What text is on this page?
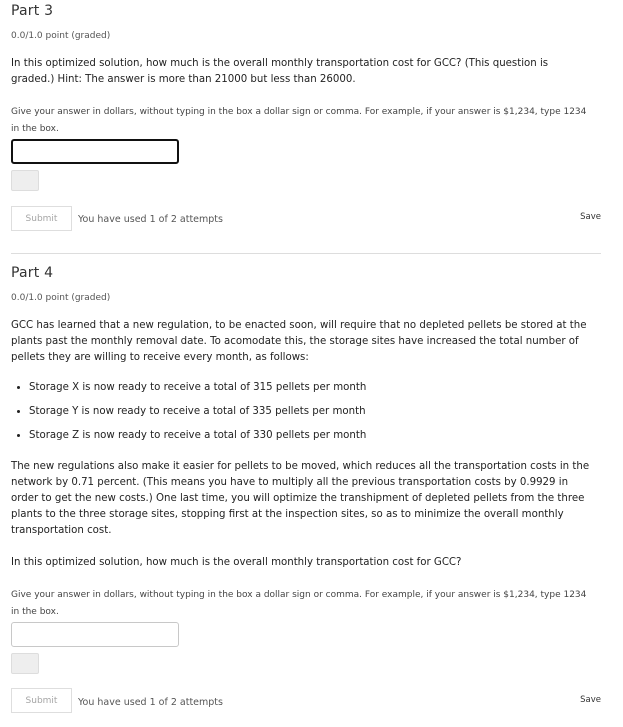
Part 3
0.0/1.0 point (graded)

In this optimized solution, how much is the overall monthly transportation cost for GCC? (This question is graded.) Hint: The answer is more than 21000 but less than 26000.

Give your answer in dollars, without typing in the box a dollar sign or comma. For example, if your answer is $1,234, type 1234 in the box.

Submit	You have used 1 of 2 attempts	Save
Part 4
0.0/1.0 point (graded)

GCC has learned that a new regulation, to be enacted soon, will require that no depleted pellets be stored at the plants past the monthly removal date. To acomodate this, the storage sites have increased the total number of pellets they are willing to receive every month, as follows:

• Storage X is now ready to receive a total of 315 pellets per month
• Storage Y is now ready to receive a total of 335 pellets per month
• Storage Z is now ready to receive a total of 330 pellets per month

The new regulations also make it easier for pellets to be moved, which reduces all the transportation costs in the network by 0.71 percent. (This means you have to multiply all the previous transportation costs by 0.9929 in order to get the new costs.) One last time, you will optimize the transhipment of depleted pellets from the three plants to the three storage sites, stopping first at the inspection sites, so as to minimize the overall monthly transportation cost.

In this optimized solution, how much is the overall monthly transportation cost for GCC?

Give your answer in dollars, without typing in the box a dollar sign or comma. For example, if your answer is $1,234, type 1234 in the box.

Submit	You have used 1 of 2 attempts	Save
